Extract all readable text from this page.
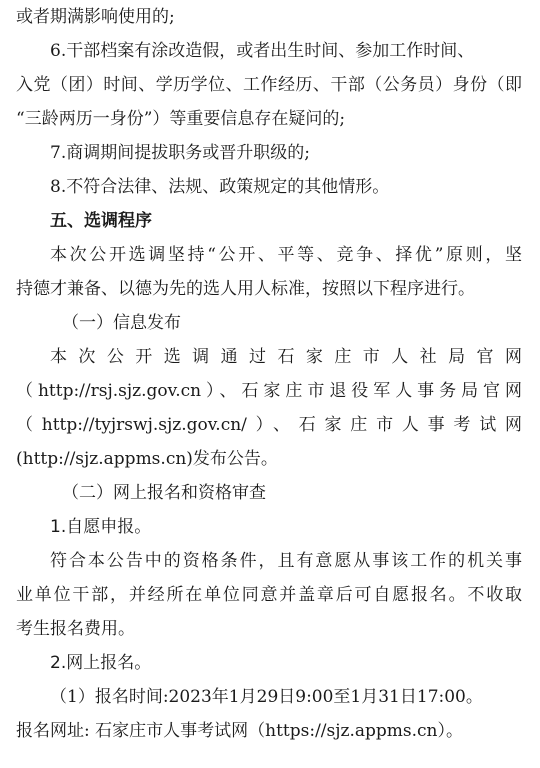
或者期满影响使用的;
6.干部档案有涂改造假，或者出生时间、参加工作时间、
入党（团）时间、学历学位、工作经历、干部（公务员）身份（即
“三龄两历一身份”）等重要信息存在疑问的;
7.商调期间提拔职务或晋升职级的;
8.不符合法律、法规、政策规定的其他情形。
五、选调程序
本次公开选调坚持“公开、平等、竞争、择优”原则，坚
持德才兼备、以德为先的选人用人标准，按照以下程序进行。
（一）信息发布
本次公开选调通过石家庄市人社局官网
（http://rsj.sjz.gov.cn）、石家庄市退役军人事务局官网
（http://tyjrswj.sjz.gov.cn/）、石家庄市人事考试网
(http://sjz.appms.cn)发布公告。
（二）网上报名和资格审查
1.自愿申报。
符合本公告中的资格条件，且有意愿从事该工作的机关事
业单位干部，并经所在单位同意并盖章后可自愿报名。不收取
考生报名费用。
2.网上报名。
（1）报名时间:2023年1月29日9:00至1月31日17:00。
报名网址: 石家庄市人事考试网（https://sjz.appms.cn）。
